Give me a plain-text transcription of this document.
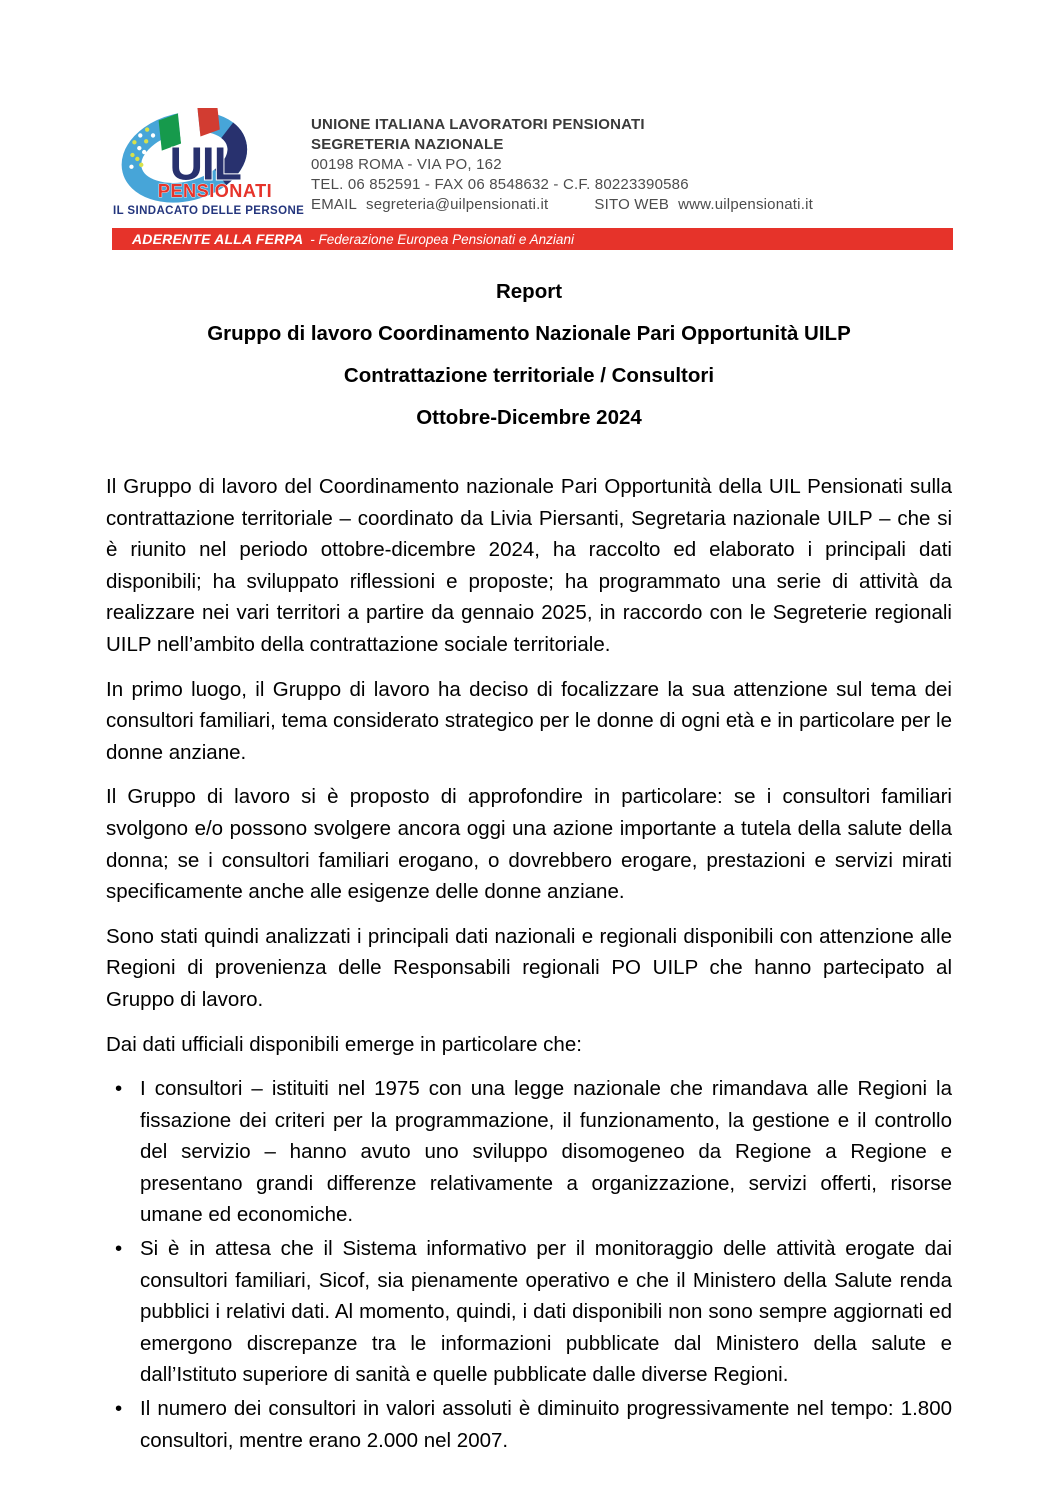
UIL
PENSIONATI
IL SINDACATO DELLE PERSONE
UNIONE ITALIANA LAVORATORI PENSIONATI
SEGRETERIA NAZIONALE
00198 ROMA - VIA PO, 162
TEL. 06 852591 - FAX 06 8548632 - C.F. 80223390586
EMAIL segreteria@uilpensionati.it	SITO WEB www.uilpensionati.it
ADERENTE ALLA FERPA - Federazione Europea Pensionati e Anziani
Report
Gruppo di lavoro Coordinamento Nazionale Pari Opportunità UILP
Contrattazione territoriale / Consultori
Ottobre-Dicembre 2024

Il Gruppo di lavoro del Coordinamento nazionale Pari Opportunità della UIL Pensionati sulla contrattazione territoriale – coordinato da Livia Piersanti, Segretaria nazionale UILP – che si è riunito nel periodo ottobre-dicembre 2024, ha raccolto ed elaborato i principali dati disponibili; ha sviluppato riflessioni e proposte; ha programmato una serie di attività da realizzare nei vari territori a partire da gennaio 2025, in raccordo con le Segreterie regionali UILP nell’ambito della contrattazione sociale territoriale.

In primo luogo, il Gruppo di lavoro ha deciso di focalizzare la sua attenzione sul tema dei consultori familiari, tema considerato strategico per le donne di ogni età e in particolare per le donne anziane.

Il Gruppo di lavoro si è proposto di approfondire in particolare: se i consultori familiari svolgono e/o possono svolgere ancora oggi una azione importante a tutela della salute della donna; se i consultori familiari erogano, o dovrebbero erogare, prestazioni e servizi mirati specificamente anche alle esigenze delle donne anziane.

Sono stati quindi analizzati i principali dati nazionali e regionali disponibili con attenzione alle Regioni di provenienza delle Responsabili regionali PO UILP che hanno partecipato al Gruppo di lavoro.

Dai dati ufficiali disponibili emerge in particolare che:

• I consultori – istituiti nel 1975 con una legge nazionale che rimandava alle Regioni la fissazione dei criteri per la programmazione, il funzionamento, la gestione e il controllo del servizio – hanno avuto uno sviluppo disomogeneo da Regione a Regione e presentano grandi differenze relativamente a organizzazione, servizi offerti, risorse umane ed economiche.
• Si è in attesa che il Sistema informativo per il monitoraggio delle attività erogate dai consultori familiari, Sicof, sia pienamente operativo e che il Ministero della Salute renda pubblici i relativi dati. Al momento, quindi, i dati disponibili non sono sempre aggiornati ed emergono discrepanze tra le informazioni pubblicate dal Ministero della salute e dall’Istituto superiore di sanità e quelle pubblicate dalle diverse Regioni.
• Il numero dei consultori in valori assoluti è diminuito progressivamente nel tempo: 1.800 consultori, mentre erano 2.000 nel 2007.
